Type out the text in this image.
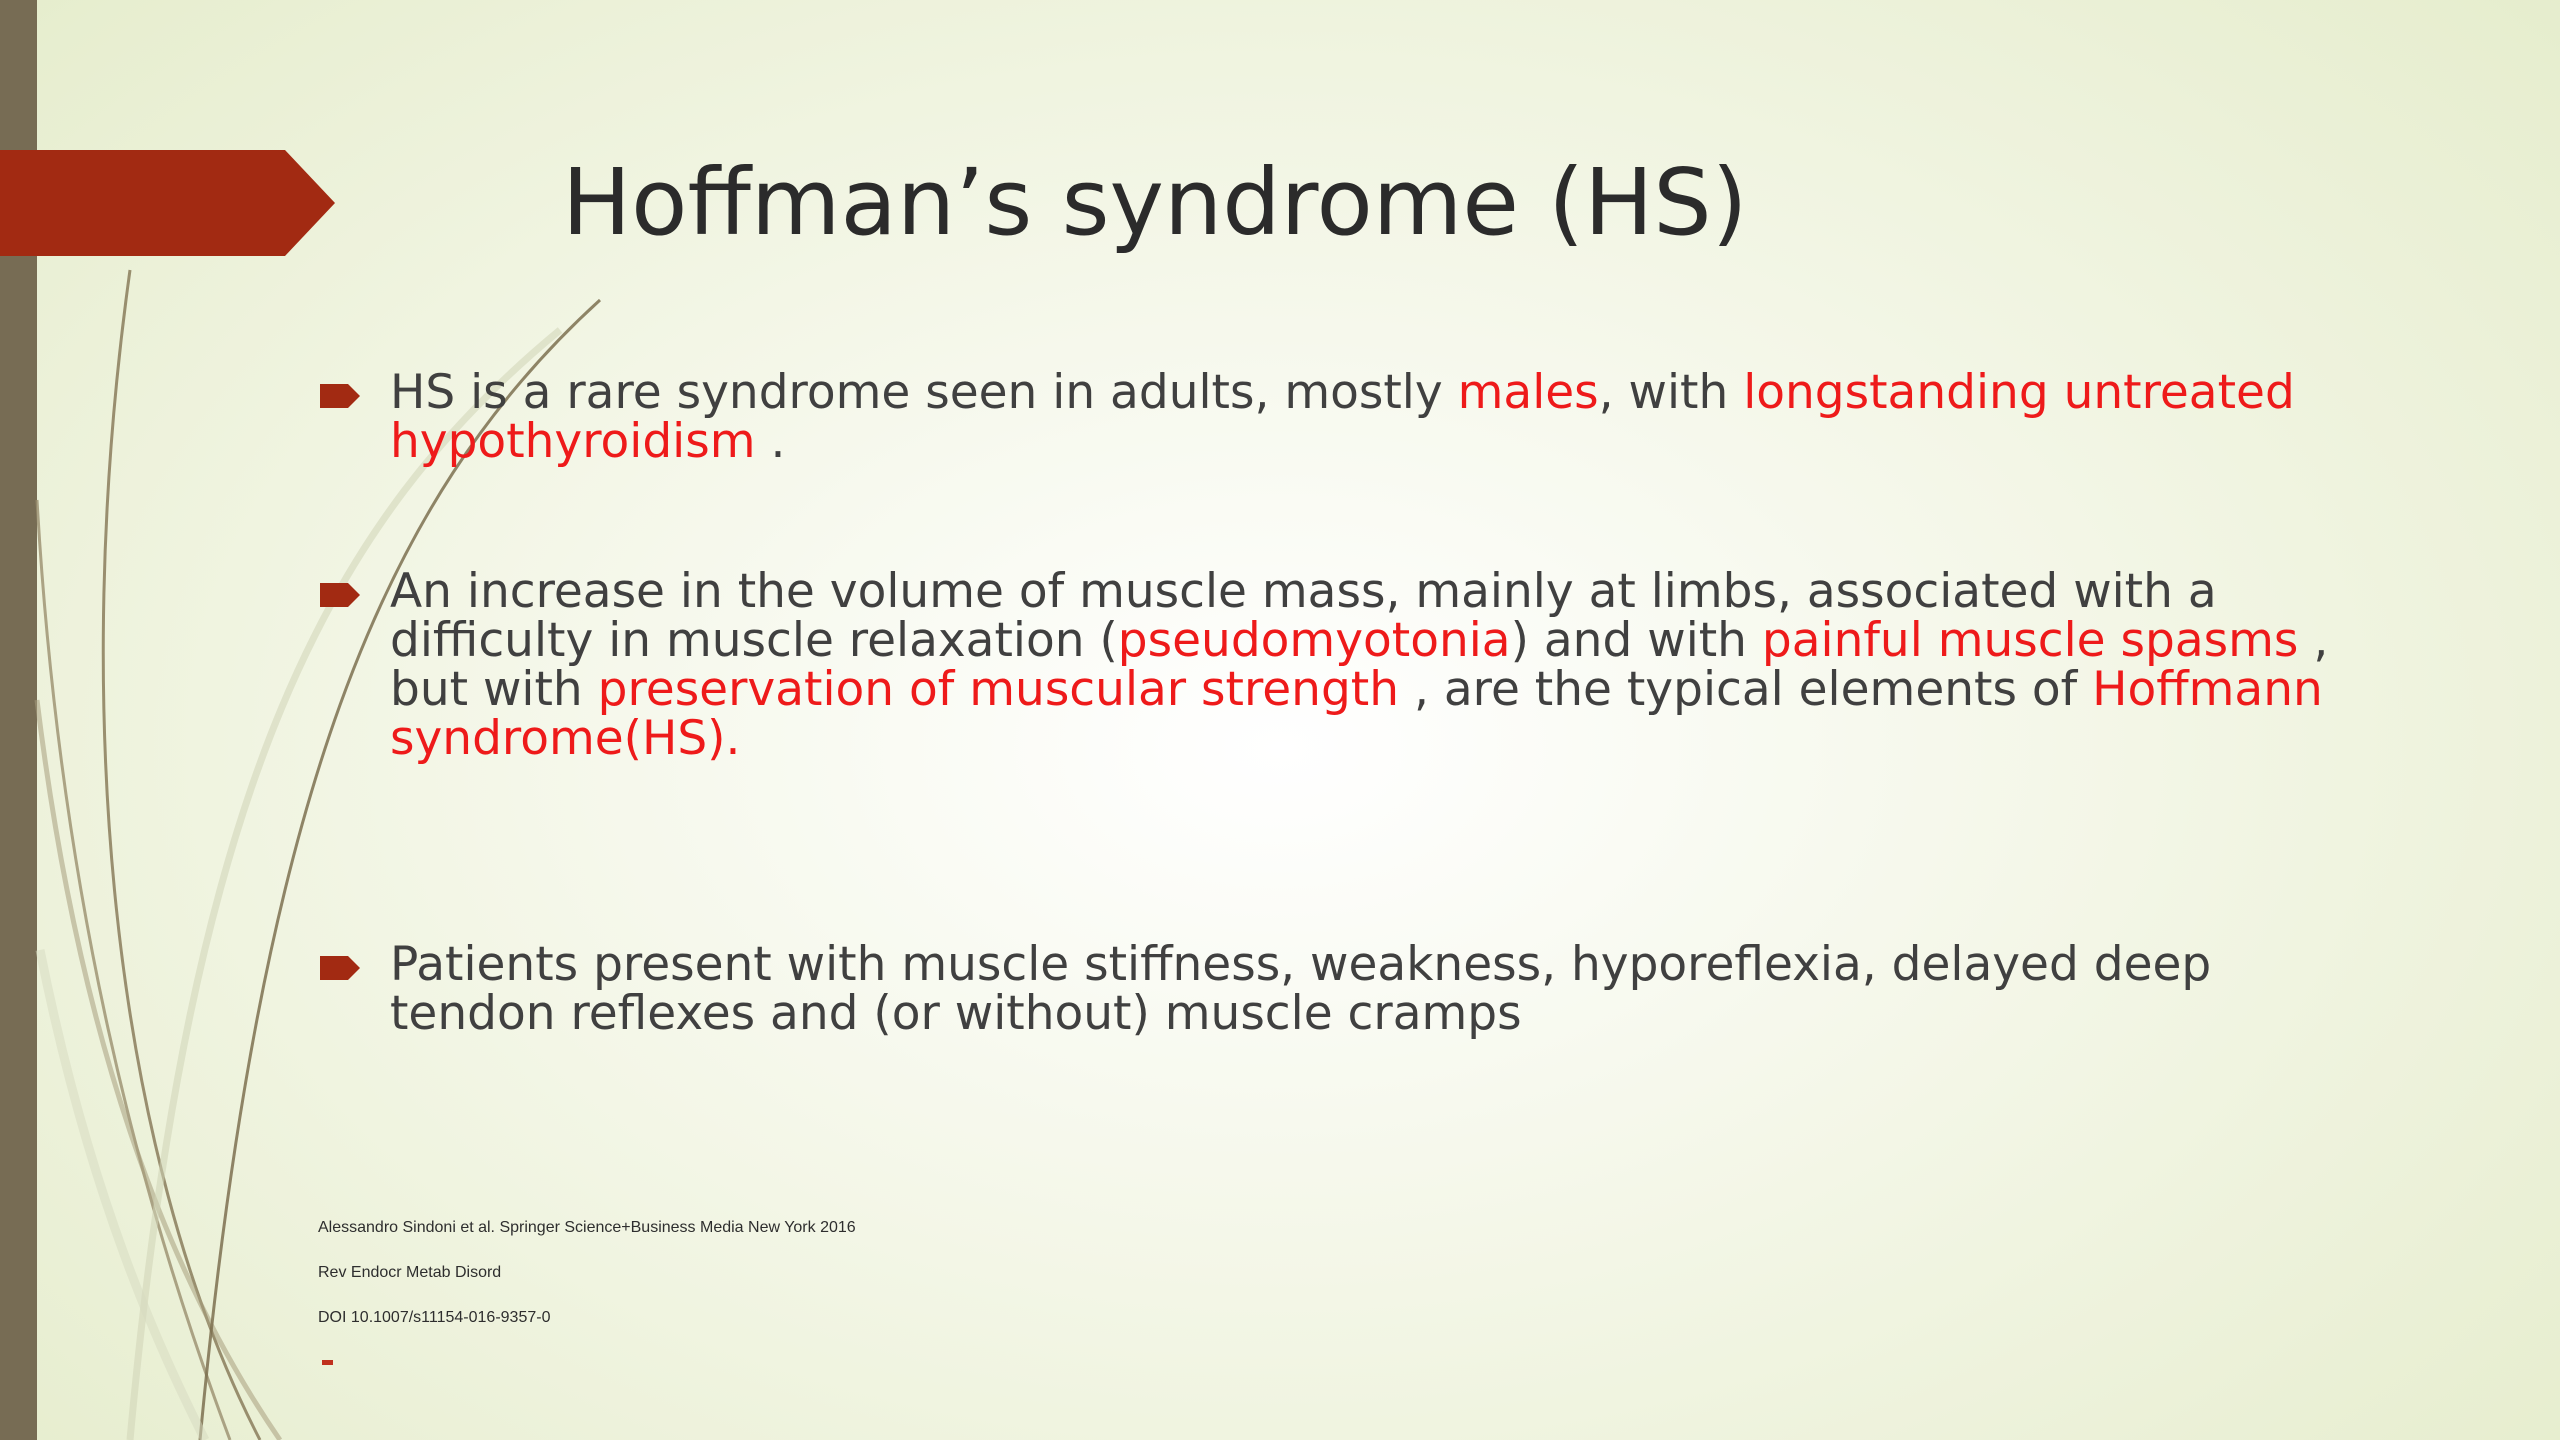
Hoffman’s syndrome (HS)
HS is a rare syndrome seen in adults, mostly males, with longstanding untreated hypothyroidism .
An increase in the volume of muscle mass, mainly at limbs, associated with a difficulty in muscle relaxation (pseudomyotonia) and with painful muscle spasms , but with preservation of muscular strength , are the typical elements of Hoffmann syndrome(HS).
Patients present with muscle stiffness, weakness, hyporeflexia, delayed deep tendon reflexes and (or without) muscle cramps
Alessandro Sindoni et al. Springer Science+Business Media New York 2016
Rev Endocr Metab Disord
DOI 10.1007/s11154-016-9357-0
